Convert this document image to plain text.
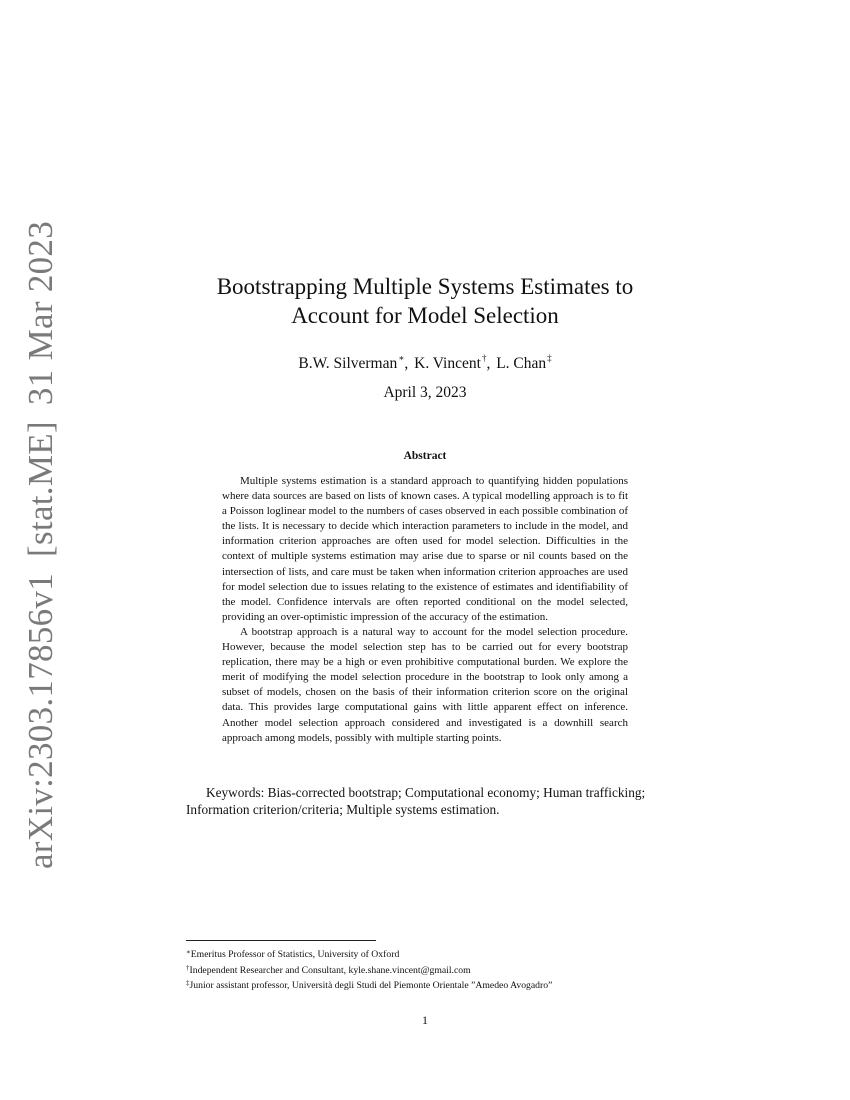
arXiv:2303.17856v1[stat.ME]31 Mar 2023	Bootstrapping Multiple Systems Estimates to
Account for Model Selection
B.W. Silverman∗, K. Vincent†, L. Chan‡
April 3, 2023
Abstract

Multiple systems estimation is a standard approach to quantifying hidden populations where data sources are based on lists of known cases. A typical modelling approach is to fit a Poisson loglinear model to the numbers of cases observed in each possible combination of the lists. It is necessary to decide which interaction parameters to include in the model, and information criterion approaches are often used for model selection. Difficulties in the context of multiple systems estimation may arise due to sparse or nil counts based on the intersection of lists, and care must be taken when information criterion approaches are used for model selection due to issues relating to the existence of estimates and identifiability of the model. Confidence intervals are often reported conditional on the model selected, providing an over-optimistic impression of the accuracy of the estimation.

A bootstrap approach is a natural way to account for the model selection procedure. However, because the model selection step has to be carried out for every bootstrap replication, there may be a high or even prohibitive computational burden. We explore the merit of modifying the model selection procedure in the bootstrap to look only among a subset of models, chosen on the basis of their information criterion score on the original data. This provides large computational gains with little apparent effect on inference. Another model selection approach considered and investigated is a downhill search approach among models, possibly with multiple starting points.

Keywords: Bias-corrected bootstrap; Computational economy; Human trafficking; Information criterion/criteria; Multiple systems estimation.
∗Emeritus Professor of Statistics, University of Oxford
†Independent Researcher and Consultant, kyle.shane.vincent@gmail.com
‡Junior assistant professor, Università degli Studi del Piemonte Orientale ”Amedeo Avogadro”
1
